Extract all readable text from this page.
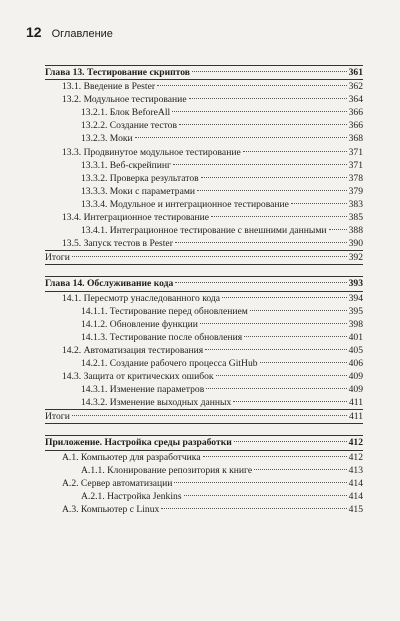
12 Оглавление
Глава 13. Тестирование скриптов	361
13.1. Введение в Pester	362
13.2. Модульное тестирование	364
13.2.1. Блок BeforeAll	366
13.2.2. Создание тестов	366
13.2.3. Моки	368
13.3. Продвинутое модульное тестирование	371
13.3.1. Веб-скрейпинг	371
13.3.2. Проверка результатов	378
13.3.3. Моки с параметрами	379
13.3.4. Модульное и интеграционное тестирование	383
13.4. Интеграционное тестирование	385
13.4.1. Интеграционное тестирование с внешними данными 388
13.5. Запуск тестов в Pester	390
Итоги	392
Глава 14. Обслуживание кода	393
14.1. Пересмотр унаследованного кода	394
14.1.1. Тестирование перед обновлением	395
14.1.2. Обновление функции	398
14.1.3. Тестирование после обновления	401
14.2. Автоматизация тестирования	405
14.2.1. Создание рабочего процесса GitHub	406
14.3. Защита от критических ошибок	409
14.3.1. Изменение параметров	409
14.3.2. Изменение выходных данных	411
Итоги	411
Приложение. Настройка среды разработки	412
А.1. Компьютер для разработчика	412
А.1.1. Клонирование репозитория к книге	413
А.2. Сервер автоматизации	414
А.2.1. Настройка Jenkins	414
А.3. Компьютер с Linux	415
